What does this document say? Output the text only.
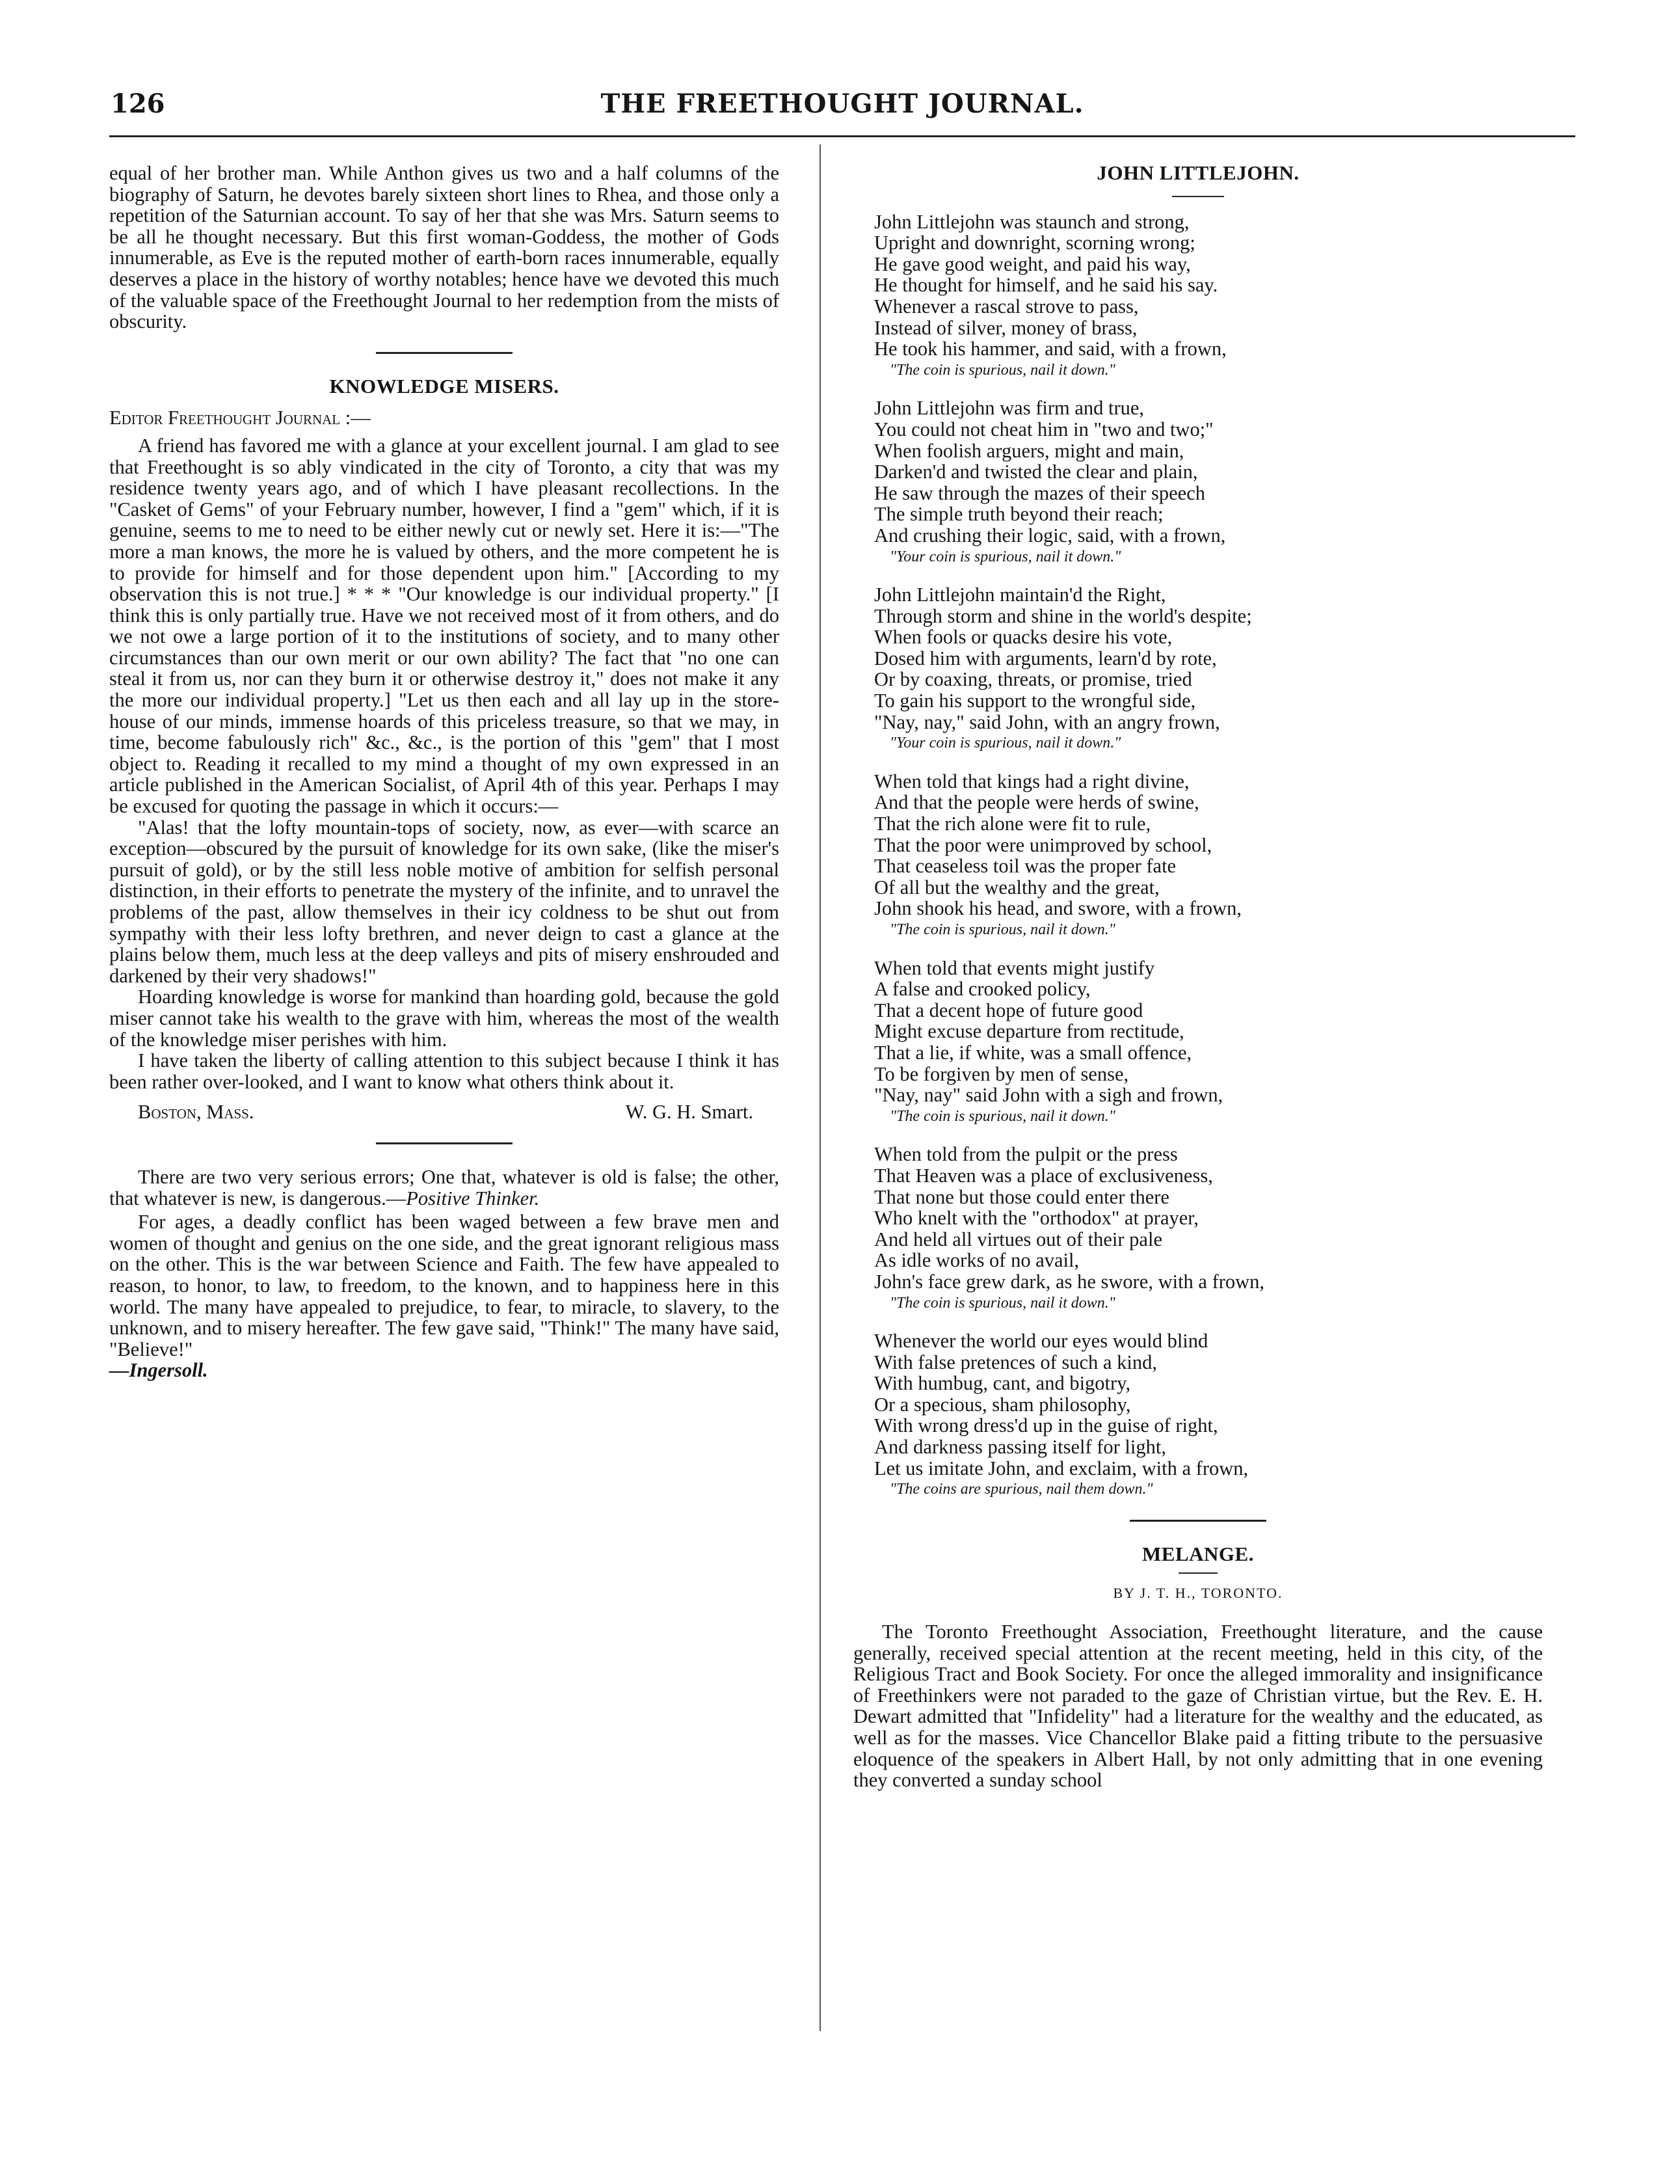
126	THE FREETHOUGHT JOURNAL.

equal of her brother man. While Anthon gives us two and a half columns of the biography of Saturn, he devotes barely sixteen short lines to Rhea, and those only a repetition of the Saturnian account. To say of her that she was Mrs. Saturn seems to be all he thought necessary. But this first woman-Goddess, the mother of Gods innumerable, as Eve is the reputed mother of earth-born races innumerable, equally deserves a place in the history of worthy notables; hence have we devoted this much of the valuable space of the Freethought Journal to her redemption from the mists of obscurity.

KNOWLEDGE MISERS.
Editor Freethought Journal :—

A friend has favored me with a glance at your excellent journal. I am glad to see that Freethought is so ably vindicated in the city of Toronto, a city that was my residence twenty years ago, and of which I have pleasant recollections. In the "Casket of Gems" of your February number, however, I find a "gem" which, if it is genuine, seems to me to need to be either newly cut or newly set. Here it is:—"The more a man knows, the more he is valued by others, and the more competent he is to provide for himself and for those dependent upon him." [According to my observation this is not true.] * * * "Our knowledge is our individual property." [I think this is only partially true. Have we not received most of it from others, and do we not owe a large portion of it to the institutions of society, and to many other circumstances than our own merit or our own ability? The fact that "no one can steal it from us, nor can they burn it or otherwise destroy it," does not make it any the more our individual property.] "Let us then each and all lay up in the store-house of our minds, immense hoards of this priceless treasure, so that we may, in time, become fabulously rich" &c., &c., is the portion of this "gem" that I most object to. Reading it recalled to my mind a thought of my own expressed in an article published in the American Socialist, of April 4th of this year. Perhaps I may be excused for quoting the passage in which it occurs:—

"Alas! that the lofty mountain-tops of society, now, as ever—with scarce an exception—obscured by the pursuit of knowledge for its own sake, (like the miser's pursuit of gold), or by the still less noble motive of ambition for selfish personal distinction, in their efforts to penetrate the mystery of the infinite, and to unravel the problems of the past, allow themselves in their icy coldness to be shut out from sympathy with their less lofty brethren, and never deign to cast a glance at the plains below them, much less at the deep valleys and pits of misery enshrouded and darkened by their very shadows!"

Hoarding knowledge is worse for mankind than hoarding gold, because the gold miser cannot take his wealth to the grave with him, whereas the most of the wealth of the knowledge miser perishes with him.

I have taken the liberty of calling attention to this subject because I think it has been rather over-looked, and I want to know what others think about it.

Boston, Mass.	W. G. H. Smart.

There are two very serious errors; One that, whatever is old is false; the other, that whatever is new, is dangerous.—Positive Thinker.

For ages, a deadly conflict has been waged between a few brave men and women of thought and genius on the one side, and the great ignorant religious mass on the other. This is the war between Science and Faith. The few have appealed to reason, to honor, to law, to freedom, to the known, and to happiness here in this world. The many have appealed to prejudice, to fear, to miracle, to slavery, to the unknown, and to misery hereafter. The few gave said, "Think!" The many have said, "Believe!"
—Ingersoll.

JOHN LITTLEJOHN.
John Littlejohn was staunch and strong,
Upright and downright, scorning wrong;
He gave good weight, and paid his way,
He thought for himself, and he said his say.
Whenever a rascal strove to pass,
Instead of silver, money of brass,
He took his hammer, and said, with a frown,
"The coin is spurious, nail it down."
John Littlejohn was firm and true,
You could not cheat him in "two and two;"
When foolish arguers, might and main,
Darken'd and twisted the clear and plain,
He saw through the mazes of their speech
The simple truth beyond their reach;
And crushing their logic, said, with a frown,
"Your coin is spurious, nail it down."
John Littlejohn maintain'd the Right,
Through storm and shine in the world's despite;
When fools or quacks desire his vote,
Dosed him with arguments, learn'd by rote,
Or by coaxing, threats, or promise, tried
To gain his support to the wrongful side,
"Nay, nay," said John, with an angry frown,
"Your coin is spurious, nail it down."
When told that kings had a right divine,
And that the people were herds of swine,
That the rich alone were fit to rule,
That the poor were unimproved by school,
That ceaseless toil was the proper fate
Of all but the wealthy and the great,
John shook his head, and swore, with a frown,
"The coin is spurious, nail it down."
When told that events might justify
A false and crooked policy,
That a decent hope of future good
Might excuse departure from rectitude,
That a lie, if white, was a small offence,
To be forgiven by men of sense,
"Nay, nay" said John with a sigh and frown,
"The coin is spurious, nail it down."
When told from the pulpit or the press
That Heaven was a place of exclusiveness,
That none but those could enter there
Who knelt with the "orthodox" at prayer,
And held all virtues out of their pale
As idle works of no avail,
John's face grew dark, as he swore, with a frown,
"The coin is spurious, nail it down."
Whenever the world our eyes would blind
With false pretences of such a kind,
With humbug, cant, and bigotry,
Or a specious, sham philosophy,
With wrong dress'd up in the guise of right,
And darkness passing itself for light,
Let us imitate John, and exclaim, with a frown,
"The coins are spurious, nail them down."
MELANGE.
BY J. T. H., TORONTO.

The Toronto Freethought Association, Freethought literature, and the cause generally, received special attention at the recent meeting, held in this city, of the Religious Tract and Book Society. For once the alleged immorality and insignificance of Freethinkers were not paraded to the gaze of Christian virtue, but the Rev. E. H. Dewart admitted that "Infidelity" had a literature for the wealthy and the educated, as well as for the masses. Vice Chancellor Blake paid a fitting tribute to the persuasive eloquence of the speakers in Albert Hall, by not only admitting that in one evening they converted a sunday school
